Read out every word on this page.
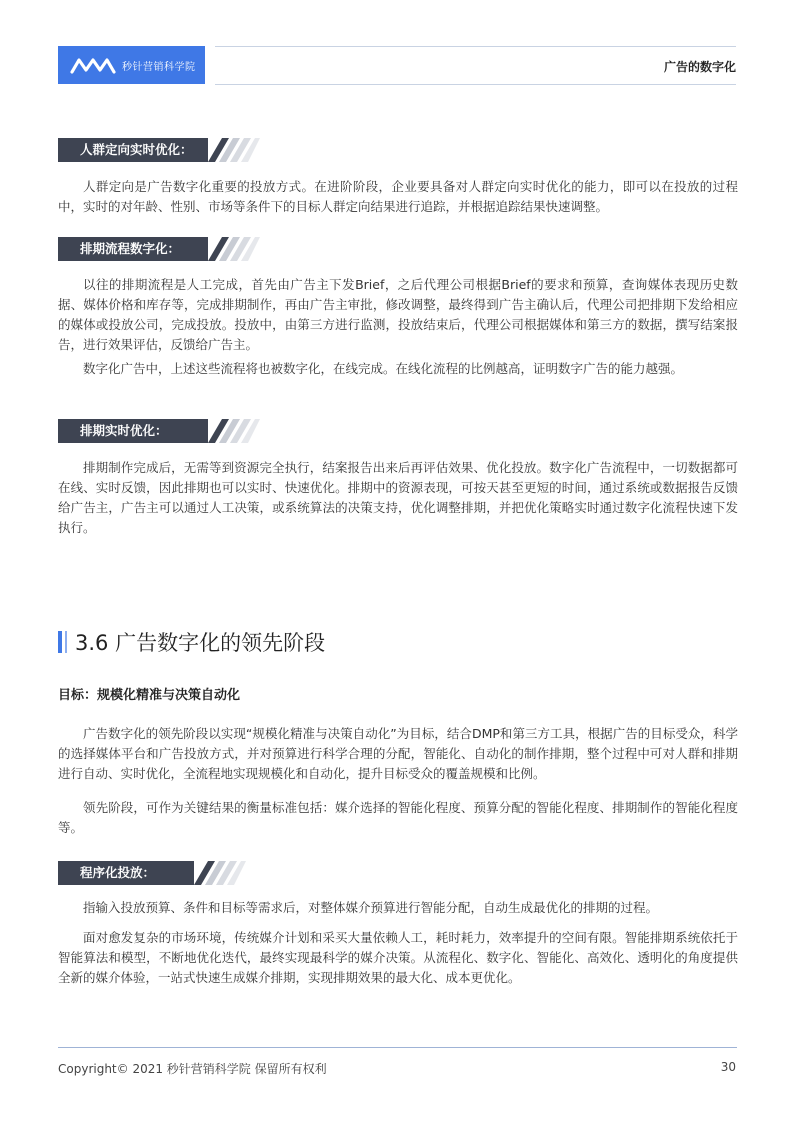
秒针营销科学院	广告的数字化
人群定向实时优化：

人群定向是广告数字化重要的投放方式。在进阶阶段，企业要具备对人群定向实时优化的能力，即可以在投放的过程中，实时的对年龄、性别、市场等条件下的目标人群定向结果进行追踪，并根据追踪结果快速调整。

排期流程数字化：

以往的排期流程是人工完成，首先由广告主下发Brief，之后代理公司根据Brief的要求和预算，查询媒体表现历史数据、媒体价格和库存等，完成排期制作，再由广告主审批，修改调整，最终得到广告主确认后，代理公司把排期下发给相应的媒体或投放公司，完成投放。投放中，由第三方进行监测，投放结束后，代理公司根据媒体和第三方的数据，撰写结案报告，进行效果评估，反馈给广告主。

数字化广告中，上述这些流程将也被数字化，在线完成。在线化流程的比例越高，证明数字广告的能力越强。

排期实时优化：

排期制作完成后，无需等到资源完全执行，结案报告出来后再评估效果、优化投放。数字化广告流程中，一切数据都可在线、实时反馈，因此排期也可以实时、快速优化。排期中的资源表现，可按天甚至更短的时间，通过系统或数据报告反馈给广告主，广告主可以通过人工决策，或系统算法的决策支持，优化调整排期，并把优化策略实时通过数字化流程快速下发执行。

3.6 广告数字化的领先阶段
目标：规模化精准与决策自动化

广告数字化的领先阶段以实现“规模化精准与决策自动化”为目标，结合DMP和第三方工具，根据广告的目标受众，科学的选择媒体平台和广告投放方式，并对预算进行科学合理的分配，智能化、自动化的制作排期，整个过程中可对人群和排期进行自动、实时优化，全流程地实现规模化和自动化，提升目标受众的覆盖规模和比例。

领先阶段，可作为关键结果的衡量标准包括：媒介选择的智能化程度、预算分配的智能化程度、排期制作的智能化程度等。

程序化投放：

指输入投放预算、条件和目标等需求后，对整体媒介预算进行智能分配，自动生成最优化的排期的过程。

面对愈发复杂的市场环境，传统媒介计划和采买大量依赖人工，耗时耗力，效率提升的空间有限。智能排期系统依托于智能算法和模型，不断地优化迭代，最终实现最科学的媒介决策。从流程化、数字化、智能化、高效化、透明化的角度提供全新的媒介体验，一站式快速生成媒介排期，实现排期效果的最大化、成本更优化。

Copyright© 2021 秒针营销科学院 保留所有权利	30
